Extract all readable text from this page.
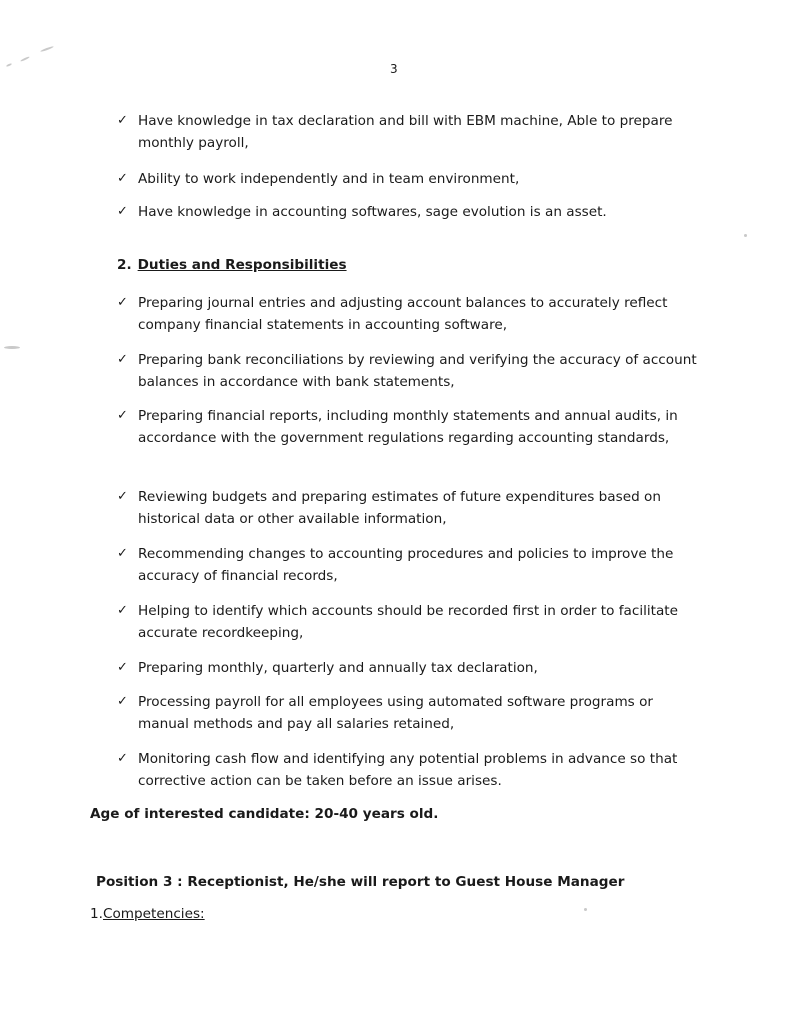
3
✓ Have knowledge in tax declaration and bill with EBM machine, Able to prepare monthly payroll,
✓ Ability to work independently and in team environment,
✓ Have knowledge in accounting softwares, sage evolution is an asset.
2. Duties and Responsibilities
✓ Preparing journal entries and adjusting account balances to accurately reflect company financial statements in accounting software,
✓ Preparing bank reconciliations by reviewing and verifying the accuracy of account balances in accordance with bank statements,
✓ Preparing financial reports, including monthly statements and annual audits, in accordance with the government regulations regarding accounting standards,
✓ Reviewing budgets and preparing estimates of future expenditures based on historical data or other available information,
✓ Recommending changes to accounting procedures and policies to improve the accuracy of financial records,
✓ Helping to identify which accounts should be recorded first in order to facilitate accurate recordkeeping,
✓ Preparing monthly, quarterly and annually tax declaration,
✓ Processing payroll for all employees using automated software programs or manual methods and pay all salaries retained,
✓ Monitoring cash flow and identifying any potential problems in advance so that corrective action can be taken before an issue arises.
Age of interested candidate: 20-40 years old.
Position 3 : Receptionist, He/she will report to Guest House Manager
1.Competencies:
